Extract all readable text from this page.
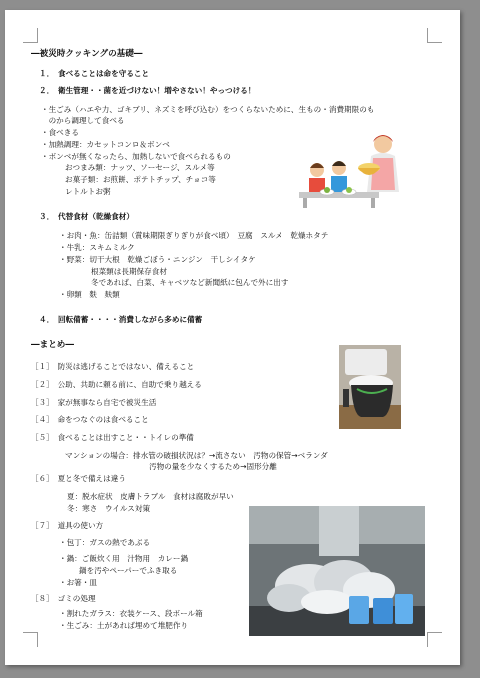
―被災時クッキングの基礎―
１．　食べることは命を守ること
２．　衛生管理・・菌を近づけない！増やさない！やっつける！
・生ごみ（ハエや力、ゴキブリ、ネズミを呼び込む）をつくらないために、生もの・消費期限のも
　のから調理して食べる
・食べきる
・加熱調理：カセットコンロ＆ボンベ
・ボンベが無くなったら、加熱しないで食べられるもの
おつまみ類：ナッツ、ソーセージ、スルメ等
お菓子類：お煎餅、ポテトチップ、チョコ等
レトルトお粥
３．　代替食材（乾燥食材）
・お肉・魚：缶詰類（賞味期限ぎりぎりが食べ頃）　豆腐　スルメ　乾燥ホタテ
・牛乳：スキムミルク
・野菜：切干大根　乾燥ごぼう・ニンジン　干しシイタケ
根菜類は長期保存食材
冬であれば、白菜、キャベツなど新聞紙に包んで外に出す
・卵類　麩　麸類
４．　回転備蓄・・・・消費しながら多めに備蓄
―まとめ―
［１］　防災は逃げることではない、備えること
［２］　公助、共助に頼る前に、自助で乗り越える
［３］　家が無事なら自宅で被災生活
［４］　命をつなぐのは食べること
［５］　食べることは出すこと・・トイレの準備
マンションの場合：排水管の破損状況は？→流さない　汚物の保管→ベランダ
汚物の量を少なくするため→固形分離
［６］　夏と冬で備えは違う
夏：脱水症状　皮膚トラブル　食材は腐敗が早い
冬：寒さ　ウイルス対策
［７］　道具の使い方
・包丁：ガスの熱であぶる
・鍋：ご飯炊く用　汁物用　カレー鍋
鍋を汚やペーパーでふき取る
・お箸・皿
［８］　ゴミの処理
・割れたガラス：衣装ケース、段ボール箱
・生ごみ：土があれば埋めて堆肥作り
